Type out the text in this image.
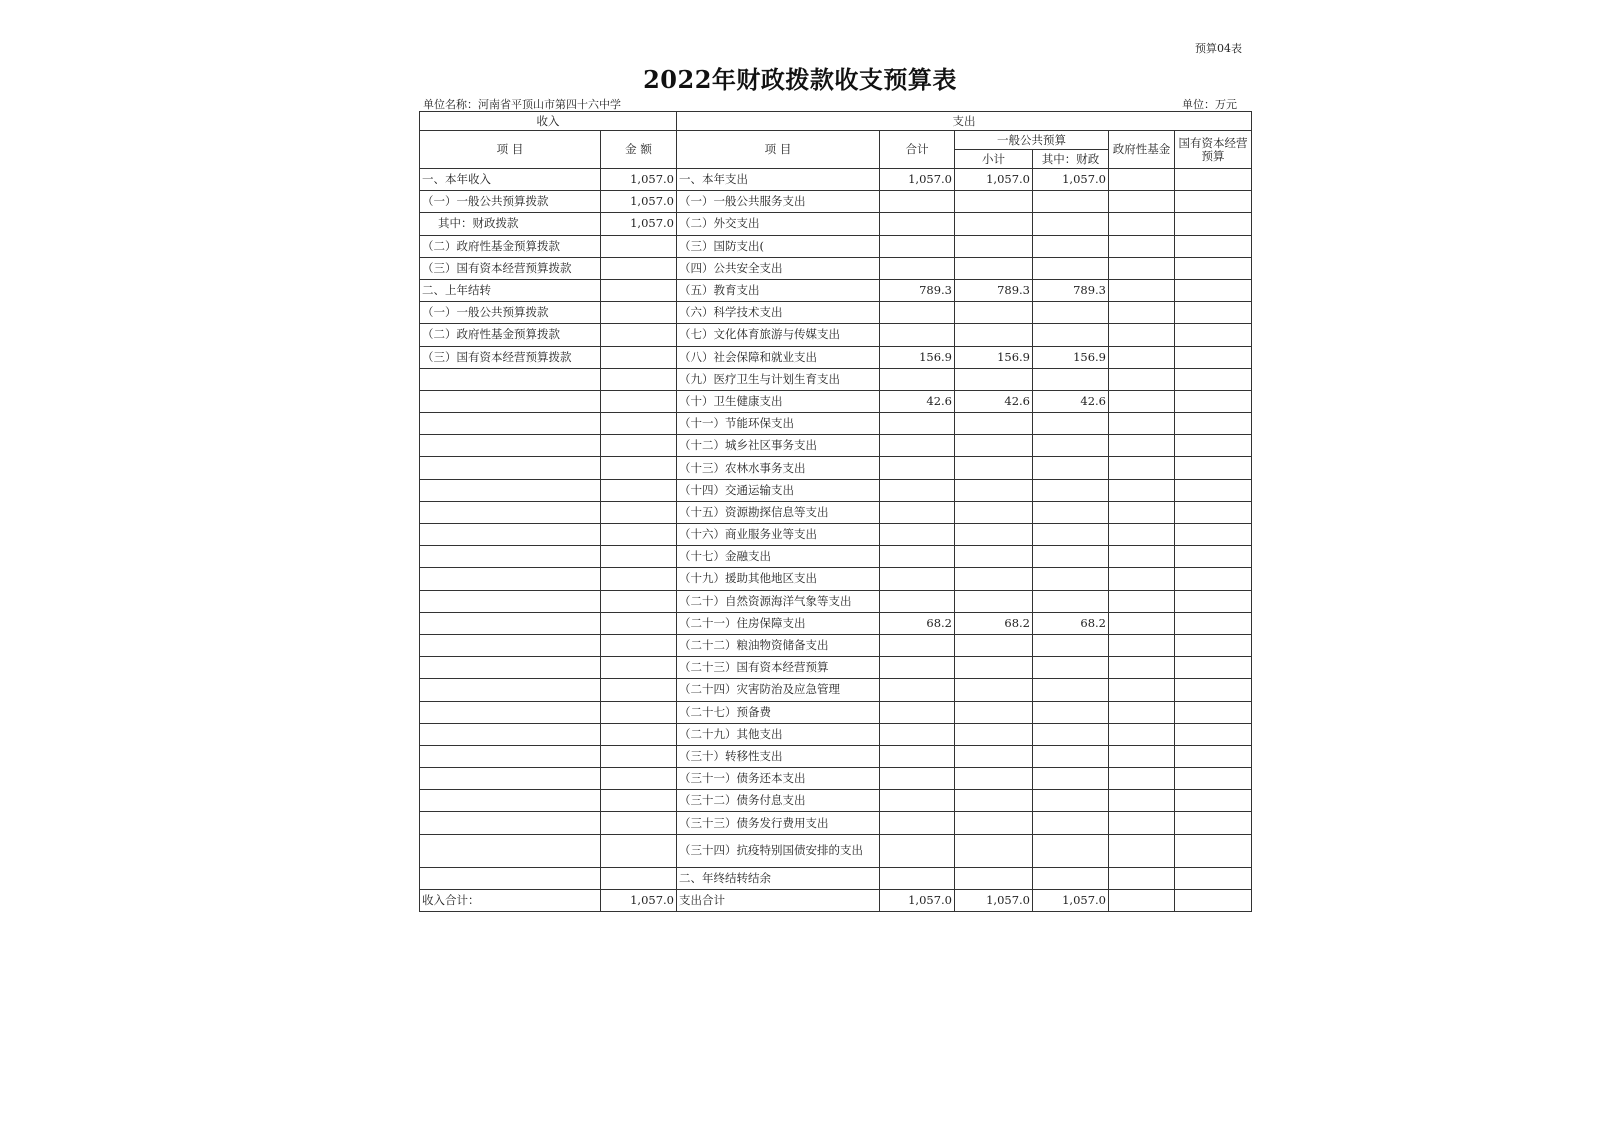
预算04表
2022年财政拨款收支预算表
单位名称：河南省平顶山市第四十六中学	单位：万元
收入		支出					
项 目	金 额	项 目	合计	一般公共预算		政府性基金	国有资本经营预算
				小计	其中：财政		
一、本年收入	1,057.0	一、本年支出	1,057.0	1,057.0	1,057.0		
（一）一般公共预算拨款	1,057.0	（一）一般公共服务支出					
其中：财政拨款	1,057.0	（二）外交支出					
（二）政府性基金预算拨款		（三）国防支出(					
（三）国有资本经营预算拨款		（四）公共安全支出					
二、上年结转		（五）教育支出	789.3	789.3	789.3		
（一）一般公共预算拨款		（六）科学技术支出					
（二）政府性基金预算拨款		（七）文化体育旅游与传媒支出					
（三）国有资本经营预算拨款		（八）社会保障和就业支出	156.9	156.9	156.9		
		（九）医疗卫生与计划生育支出					
		（十）卫生健康支出	42.6	42.6	42.6		
		（十一）节能环保支出					
		（十二）城乡社区事务支出					
		（十三）农林水事务支出					
		（十四）交通运输支出					
		（十五）资源勘探信息等支出					
		（十六）商业服务业等支出					
		（十七）金融支出					
		（十九）援助其他地区支出					
		（二十）自然资源海洋气象等支出					
		（二十一）住房保障支出	68.2	68.2	68.2		
		（二十二）粮油物资储备支出					
		（二十三）国有资本经营预算					
		（二十四）灾害防治及应急管理					
		（二十七）预备费					
		（二十九）其他支出					
		（三十）转移性支出					
		（三十一）债务还本支出					
		（三十二）债务付息支出					
		（三十三）债务发行费用支出					
		（三十四）抗疫特别国债安排的支出					
		二、年终结转结余					
收入合计：	1,057.0	支出合计	1,057.0	1,057.0	1,057.0		
